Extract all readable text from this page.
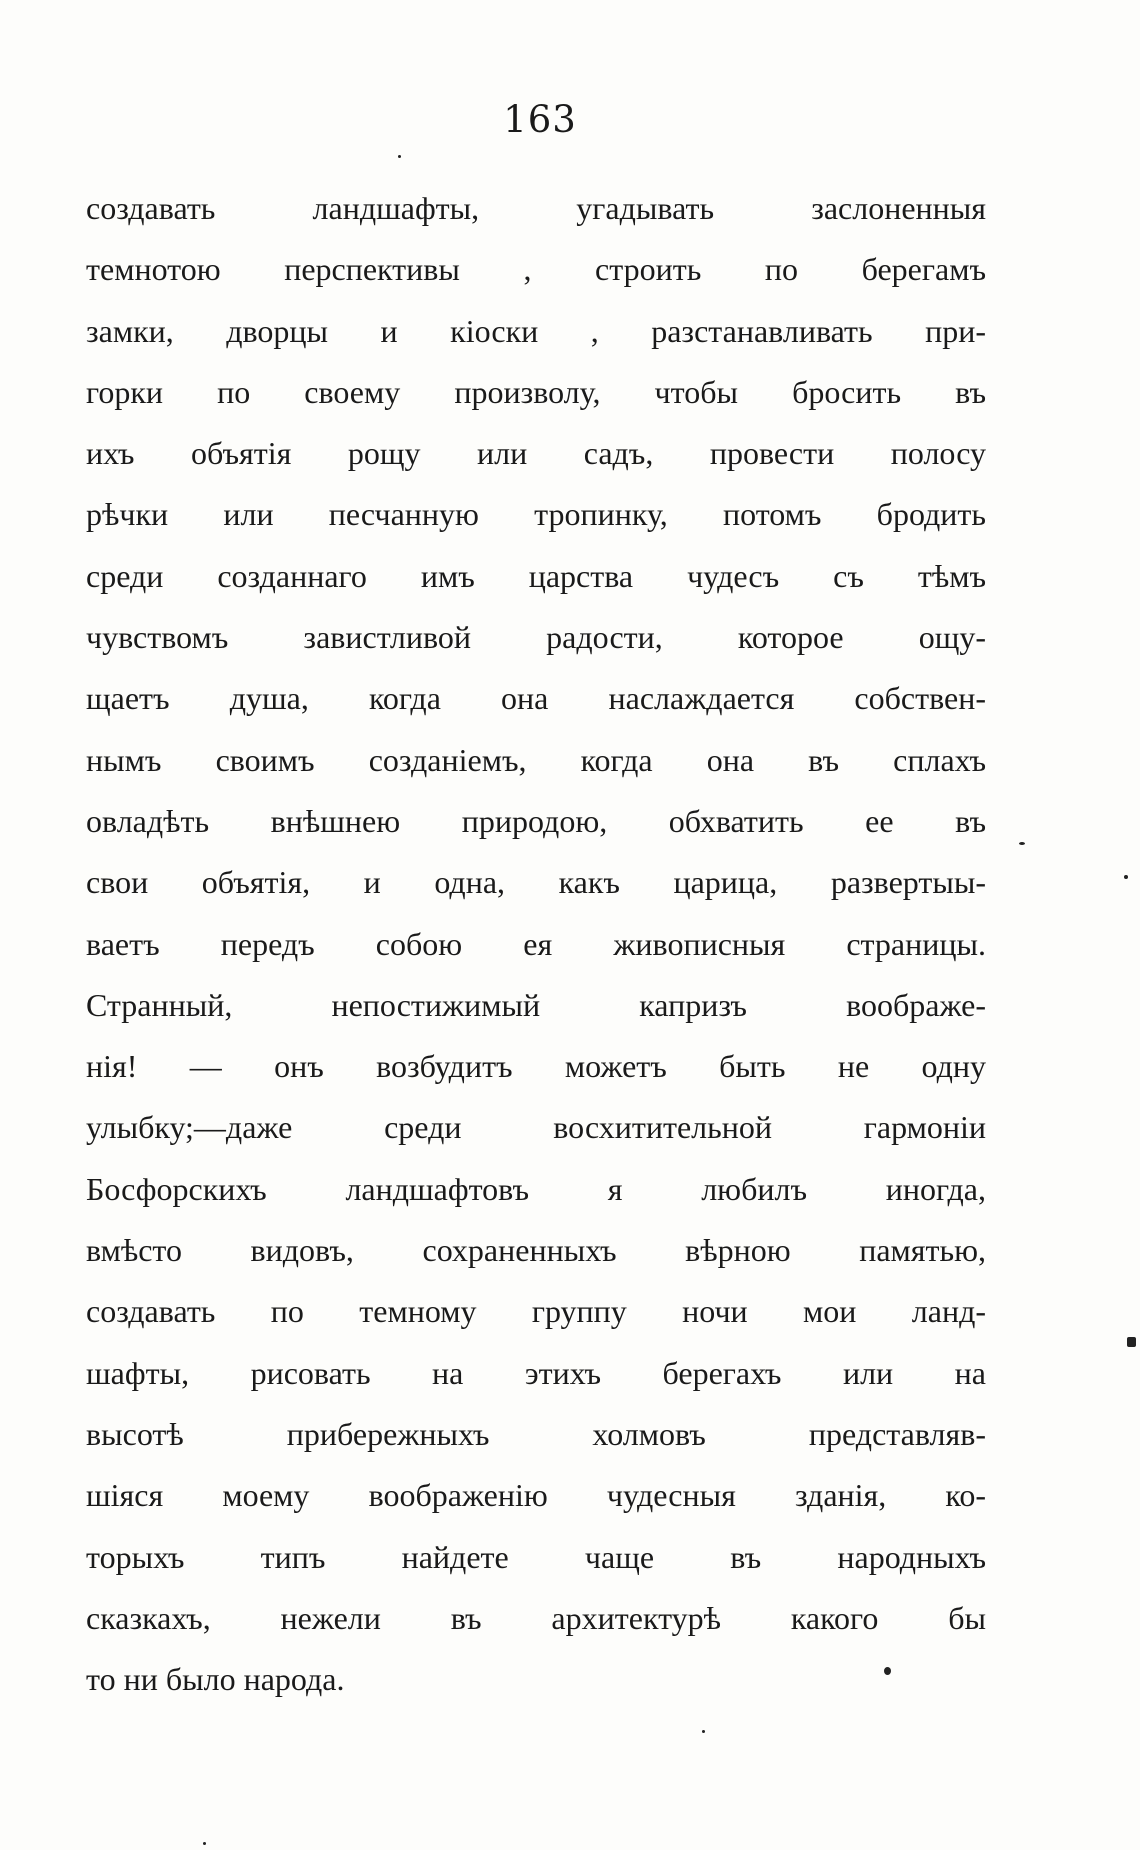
163
создавать ландшафты, угадывать заслоненныя
темнотою перспективы , строить по берегамъ
замки, дворцы и кіоски , разстанавливать при-
горки по своему произволу, чтобы бросить въ
ихъ объятія рощу или садъ, провести полосу
рѣчки или песчанную тропинку, потомъ бродить
среди созданнаго имъ царства чудесъ съ тѣмъ
чувствомъ завистливой радости, которое ощу-
щаетъ душа, когда она наслаждается собствен-
нымъ своимъ созданіемъ, когда она въ сплахъ
овладѣть внѣшнею природою, обхватить ее въ
свои объятія, и одна, какъ царица, развертыы-
ваетъ передъ собою ея живописныя страницы.
Странный, непостижимый капризъ воображе-
нія! — онъ возбудитъ можетъ быть не одну
улыбку;—даже среди восхитительной гармоніи
Босфорскихъ ландшафтовъ я любилъ иногда,
вмѣсто видовъ, сохраненныхъ вѣрною памятью,
создавать по темному группу ночи мои ланд-
шафты, рисовать на этихъ берегахъ или на
высотѣ прибережныхъ холмовъ представляв-
шіяся моему воображенію чудесныя зданія, ко-
торыхъ типъ найдете чаще въ народныхъ
сказкахъ, нежели въ архитектурѣ какого бы
то ни было народа.
